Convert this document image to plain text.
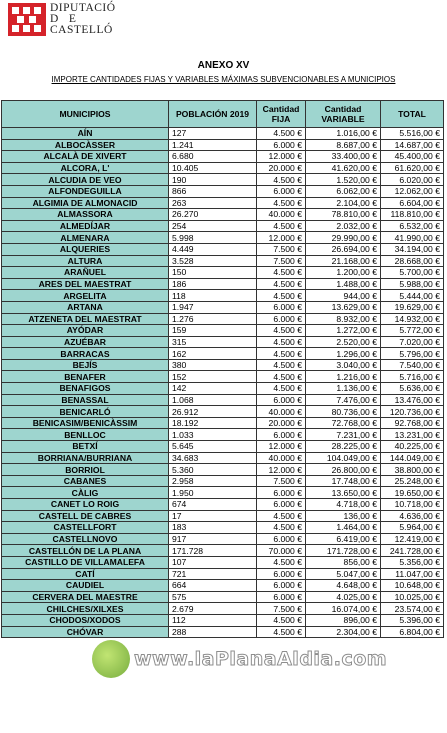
DIPUTACIÓ
D   E
CASTELLÓ
ANEXO XV
IMPORTE CANTIDADES FIJAS Y VARIABLES MÁXIMAS SUBVENCIONABLES A MUNICIPIOS
MUNICIPIOS	POBLACIÓN 2019	Cantidad FIJA	Cantidad VARIABLE	TOTAL
AÍN	127	4.500 €	1.016,00 €	5.516,00 €
ALBOCÀSSER	1.241	6.000 €	8.687,00 €	14.687,00 €
ALCALÀ DE XIVERT	6.680	12.000 €	33.400,00 €	45.400,00 €
ALCORA, L'	10.405	20.000 €	41.620,00 €	61.620,00 €
ALCUDIA DE VEO	190	4.500 €	1.520,00 €	6.020,00 €
ALFONDEGUILLA	866	6.000 €	6.062,00 €	12.062,00 €
ALGIMIA DE ALMONACID	263	4.500 €	2.104,00 €	6.604,00 €
ALMASSORA	26.270	40.000 €	78.810,00 €	118.810,00 €
ALMEDÍJAR	254	4.500 €	2.032,00 €	6.532,00 €
ALMENARA	5.998	12.000 €	29.990,00 €	41.990,00 €
ALQUERIES	4.449	7.500 €	26.694,00 €	34.194,00 €
ALTURA	3.528	7.500 €	21.168,00 €	28.668,00 €
ARAÑUEL	150	4.500 €	1.200,00 €	5.700,00 €
ARES DEL MAESTRAT	186	4.500 €	1.488,00 €	5.988,00 €
ARGELITA	118	4.500 €	944,00 €	5.444,00 €
ARTANA	1.947	6.000 €	13.629,00 €	19.629,00 €
ATZENETA DEL MAESTRAT	1.276	6.000 €	8.932,00 €	14.932,00 €
AYÓDAR	159	4.500 €	1.272,00 €	5.772,00 €
AZUÉBAR	315	4.500 €	2.520,00 €	7.020,00 €
BARRACAS	162	4.500 €	1.296,00 €	5.796,00 €
BEJÍS	380	4.500 €	3.040,00 €	7.540,00 €
BENAFER	152	4.500 €	1.216,00 €	5.716,00 €
BENAFIGOS	142	4.500 €	1.136,00 €	5.636,00 €
BENASSAL	1.068	6.000 €	7.476,00 €	13.476,00 €
BENICARLÓ	26.912	40.000 €	80.736,00 €	120.736,00 €
BENICASIM/BENICÀSSIM	18.192	20.000 €	72.768,00 €	92.768,00 €
BENLLOC	1.033	6.000 €	7.231,00 €	13.231,00 €
BETXÍ	5.645	12.000 €	28.225,00 €	40.225,00 €
BORRIANA/BURRIANA	34.683	40.000 €	104.049,00 €	144.049,00 €
BORRIOL	5.360	12.000 €	26.800,00 €	38.800,00 €
CABANES	2.958	7.500 €	17.748,00 €	25.248,00 €
CÀLIG	1.950	6.000 €	13.650,00 €	19.650,00 €
CANET LO ROIG	674	6.000 €	4.718,00 €	10.718,00 €
CASTELL DE CABRES	17	4.500 €	136,00 €	4.636,00 €
CASTELLFORT	183	4.500 €	1.464,00 €	5.964,00 €
CASTELLNOVO	917	6.000 €	6.419,00 €	12.419,00 €
CASTELLÓN DE LA PLANA	171.728	70.000 €	171.728,00 €	241.728,00 €
CASTILLO DE VILLAMALEFA	107	4.500 €	856,00 €	5.356,00 €
CATÍ	721	6.000 €	5.047,00 €	11.047,00 €
CAUDIEL	664	6.000 €	4.648,00 €	10.648,00 €
CERVERA DEL MAESTRE	575	6.000 €	4.025,00 €	10.025,00 €
CHILCHES/XILXES	2.679	7.500 €	16.074,00 €	23.574,00 €
CHODOS/XODOS	112	4.500 €	896,00 €	5.396,00 €
CHÓVAR	288	4.500 €	2.304,00 €	6.804,00 €
www.laPlanaAldia.com
